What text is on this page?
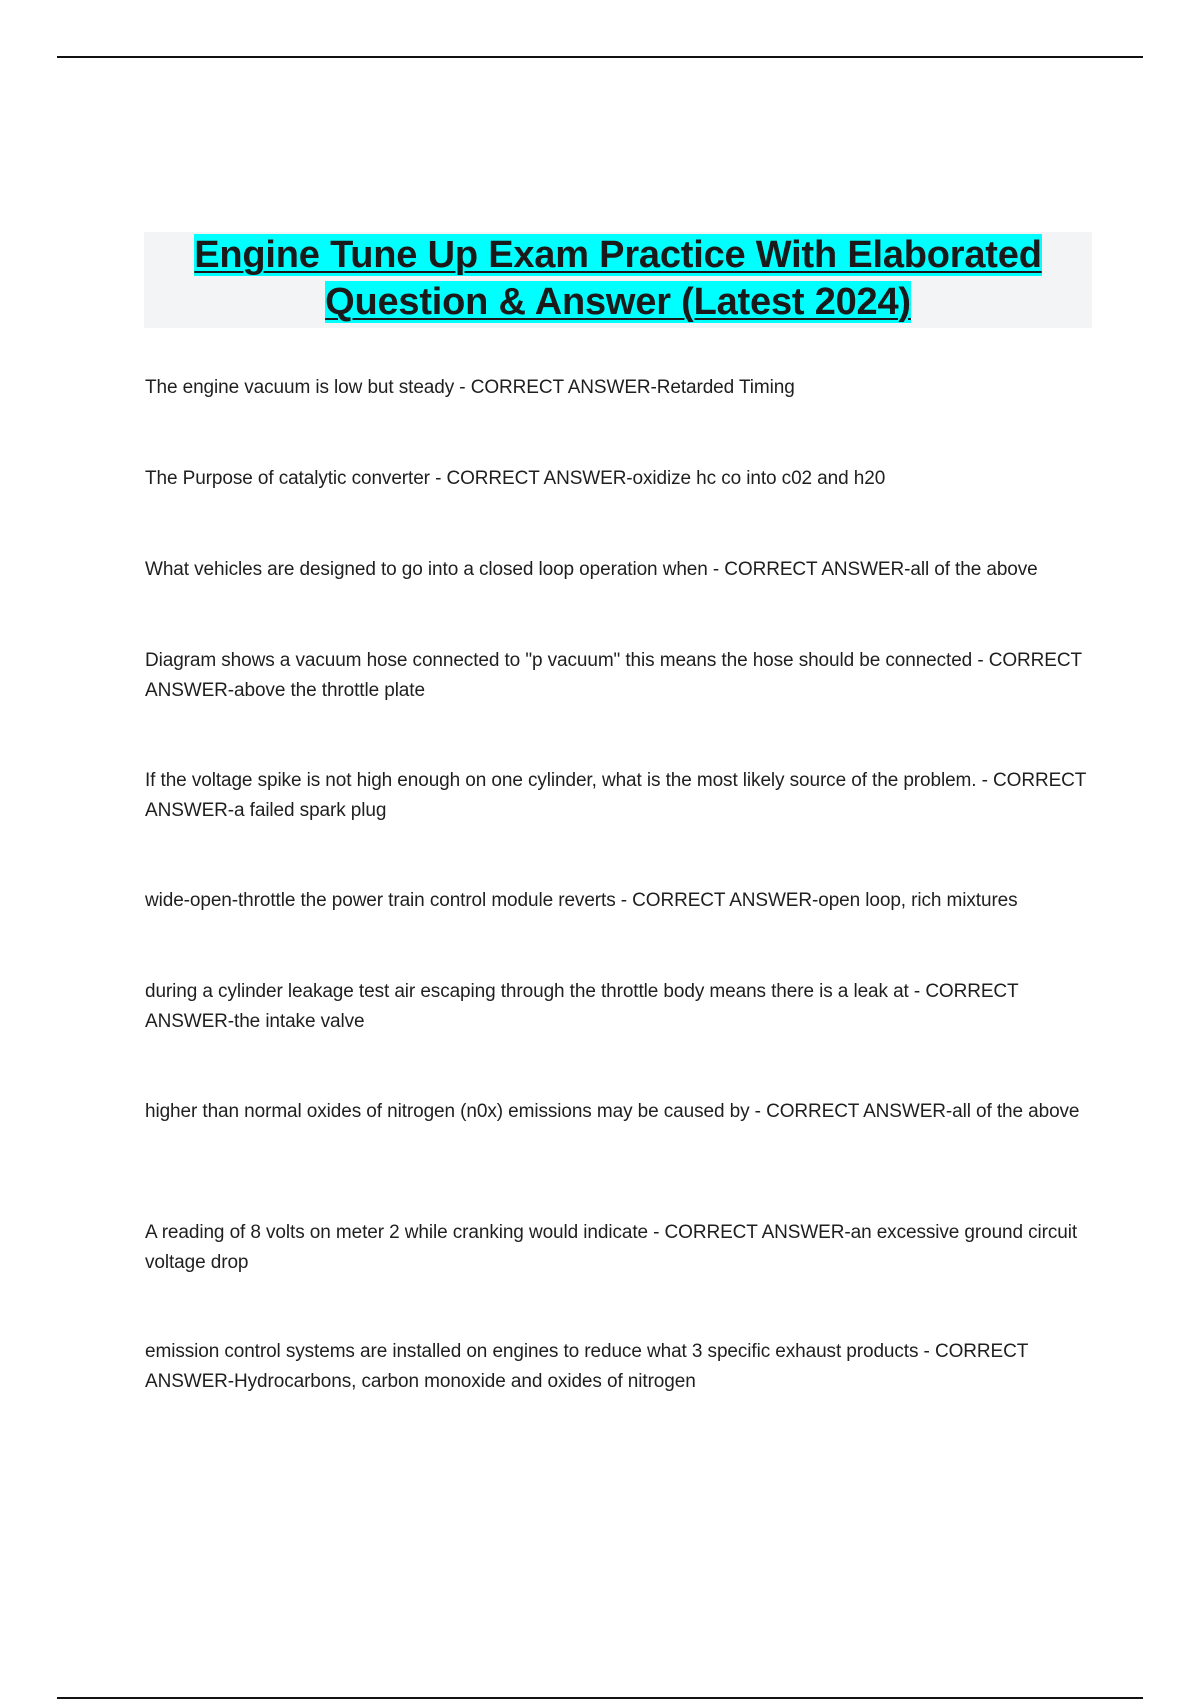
Engine Tune Up Exam Practice With Elaborated
Question & Answer (Latest 2024)
The engine vacuum is low but steady - CORRECT ANSWER-Retarded Timing
The Purpose of catalytic converter - CORRECT ANSWER-oxidize hc co into c02 and h20
What vehicles are designed to go into a closed loop operation when - CORRECT ANSWER-all of the above
Diagram shows a vacuum hose connected to "p vacuum" this means the hose should be connected - CORRECT ANSWER-above the throttle plate
If the voltage spike is not high enough on one cylinder, what is the most likely source of the problem. - CORRECT ANSWER-a failed spark plug
wide-open-throttle the power train control module reverts - CORRECT ANSWER-open loop, rich mixtures
during a cylinder leakage test air escaping through the throttle body means there is a leak at - CORRECT ANSWER-the intake valve
higher than normal oxides of nitrogen (n0x) emissions may be caused by - CORRECT ANSWER-all of the above
A reading of 8 volts on meter 2 while cranking would indicate - CORRECT ANSWER-an excessive ground circuit voltage drop
emission control systems are installed on engines to reduce what 3 specific exhaust products - CORRECT ANSWER-Hydrocarbons, carbon monoxide and oxides of nitrogen
